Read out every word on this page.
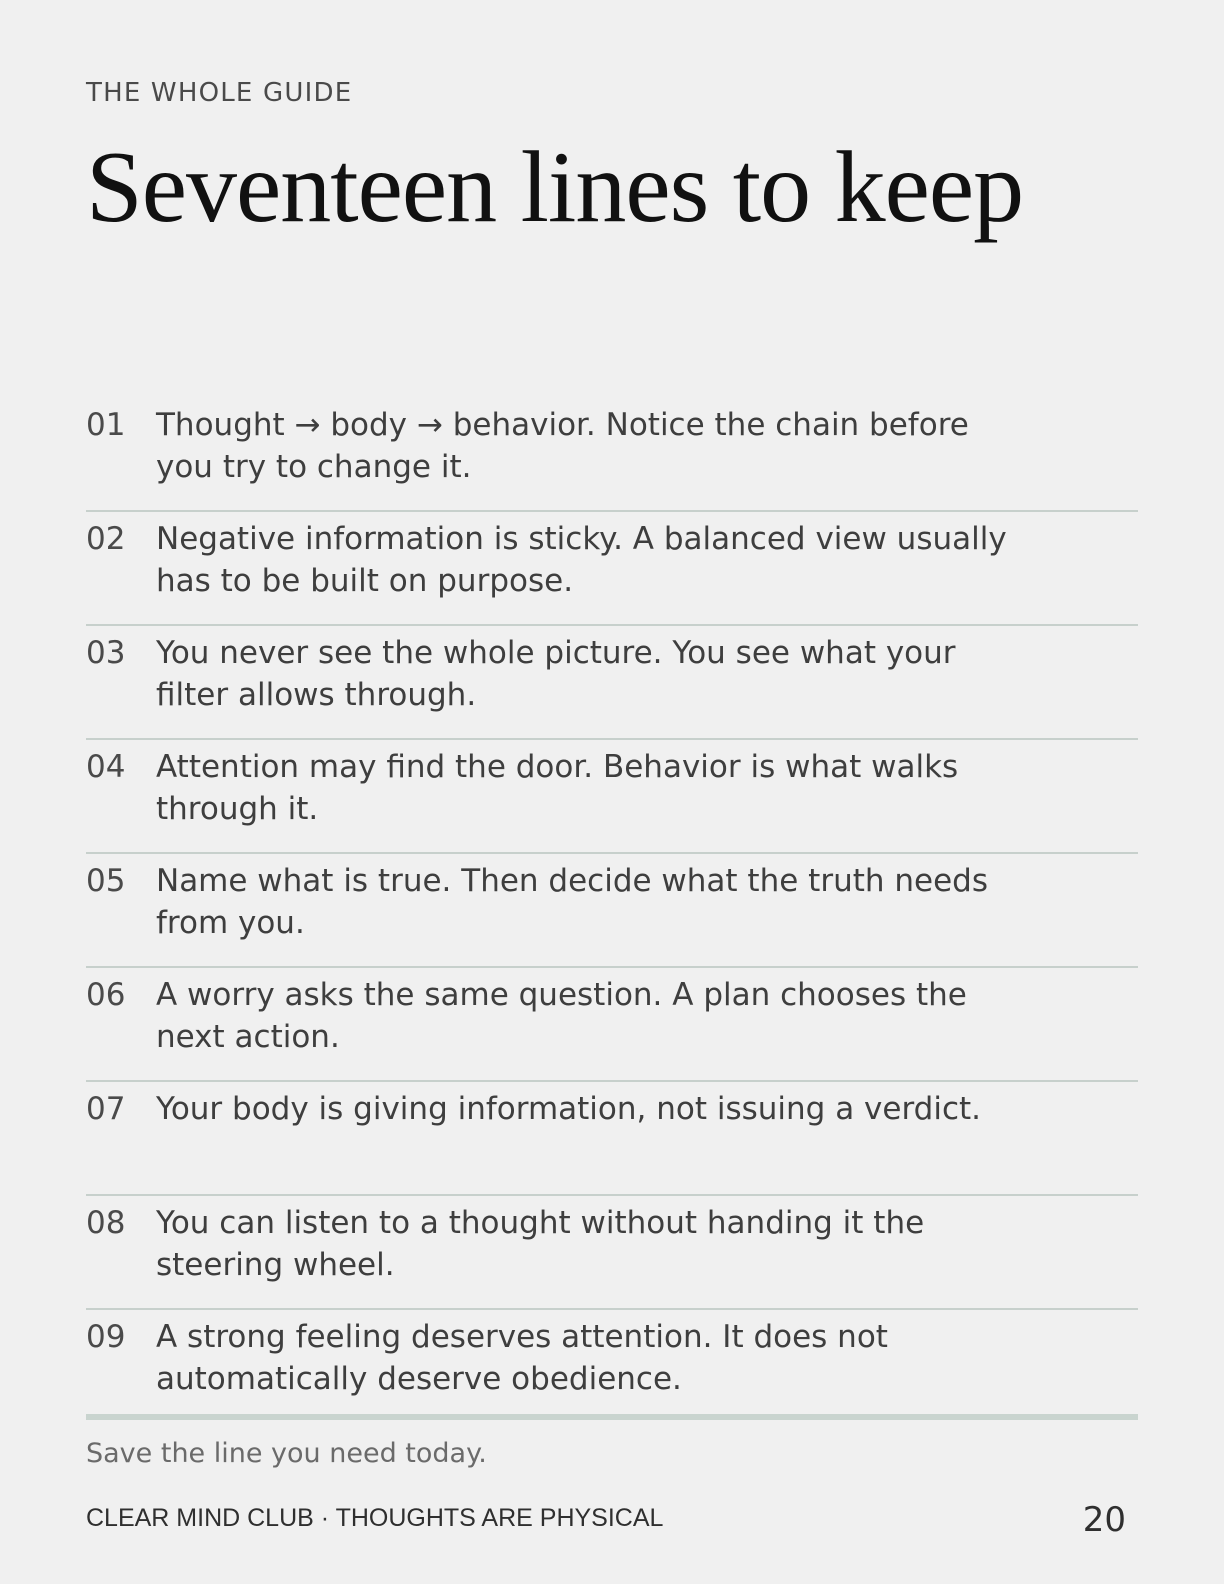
THE WHOLE GUIDE
Seventeen lines to keep
01 Thought → body → behavior. Notice the chain before you try to change it.
02 Negative information is sticky. A balanced view usually has to be built on purpose.
03 You never see the whole picture. You see what your filter allows through.
04 Attention may find the door. Behavior is what walks through it.
05 Name what is true. Then decide what the truth needs from you.
06 A worry asks the same question. A plan chooses the next action.
07 Your body is giving information, not issuing a verdict.
08 You can listen to a thought without handing it the steering wheel.
09 A strong feeling deserves attention. It does not automatically deserve obedience.
Save the line you need today.
CLEAR MIND CLUB · THOUGHTS ARE PHYSICAL	20
